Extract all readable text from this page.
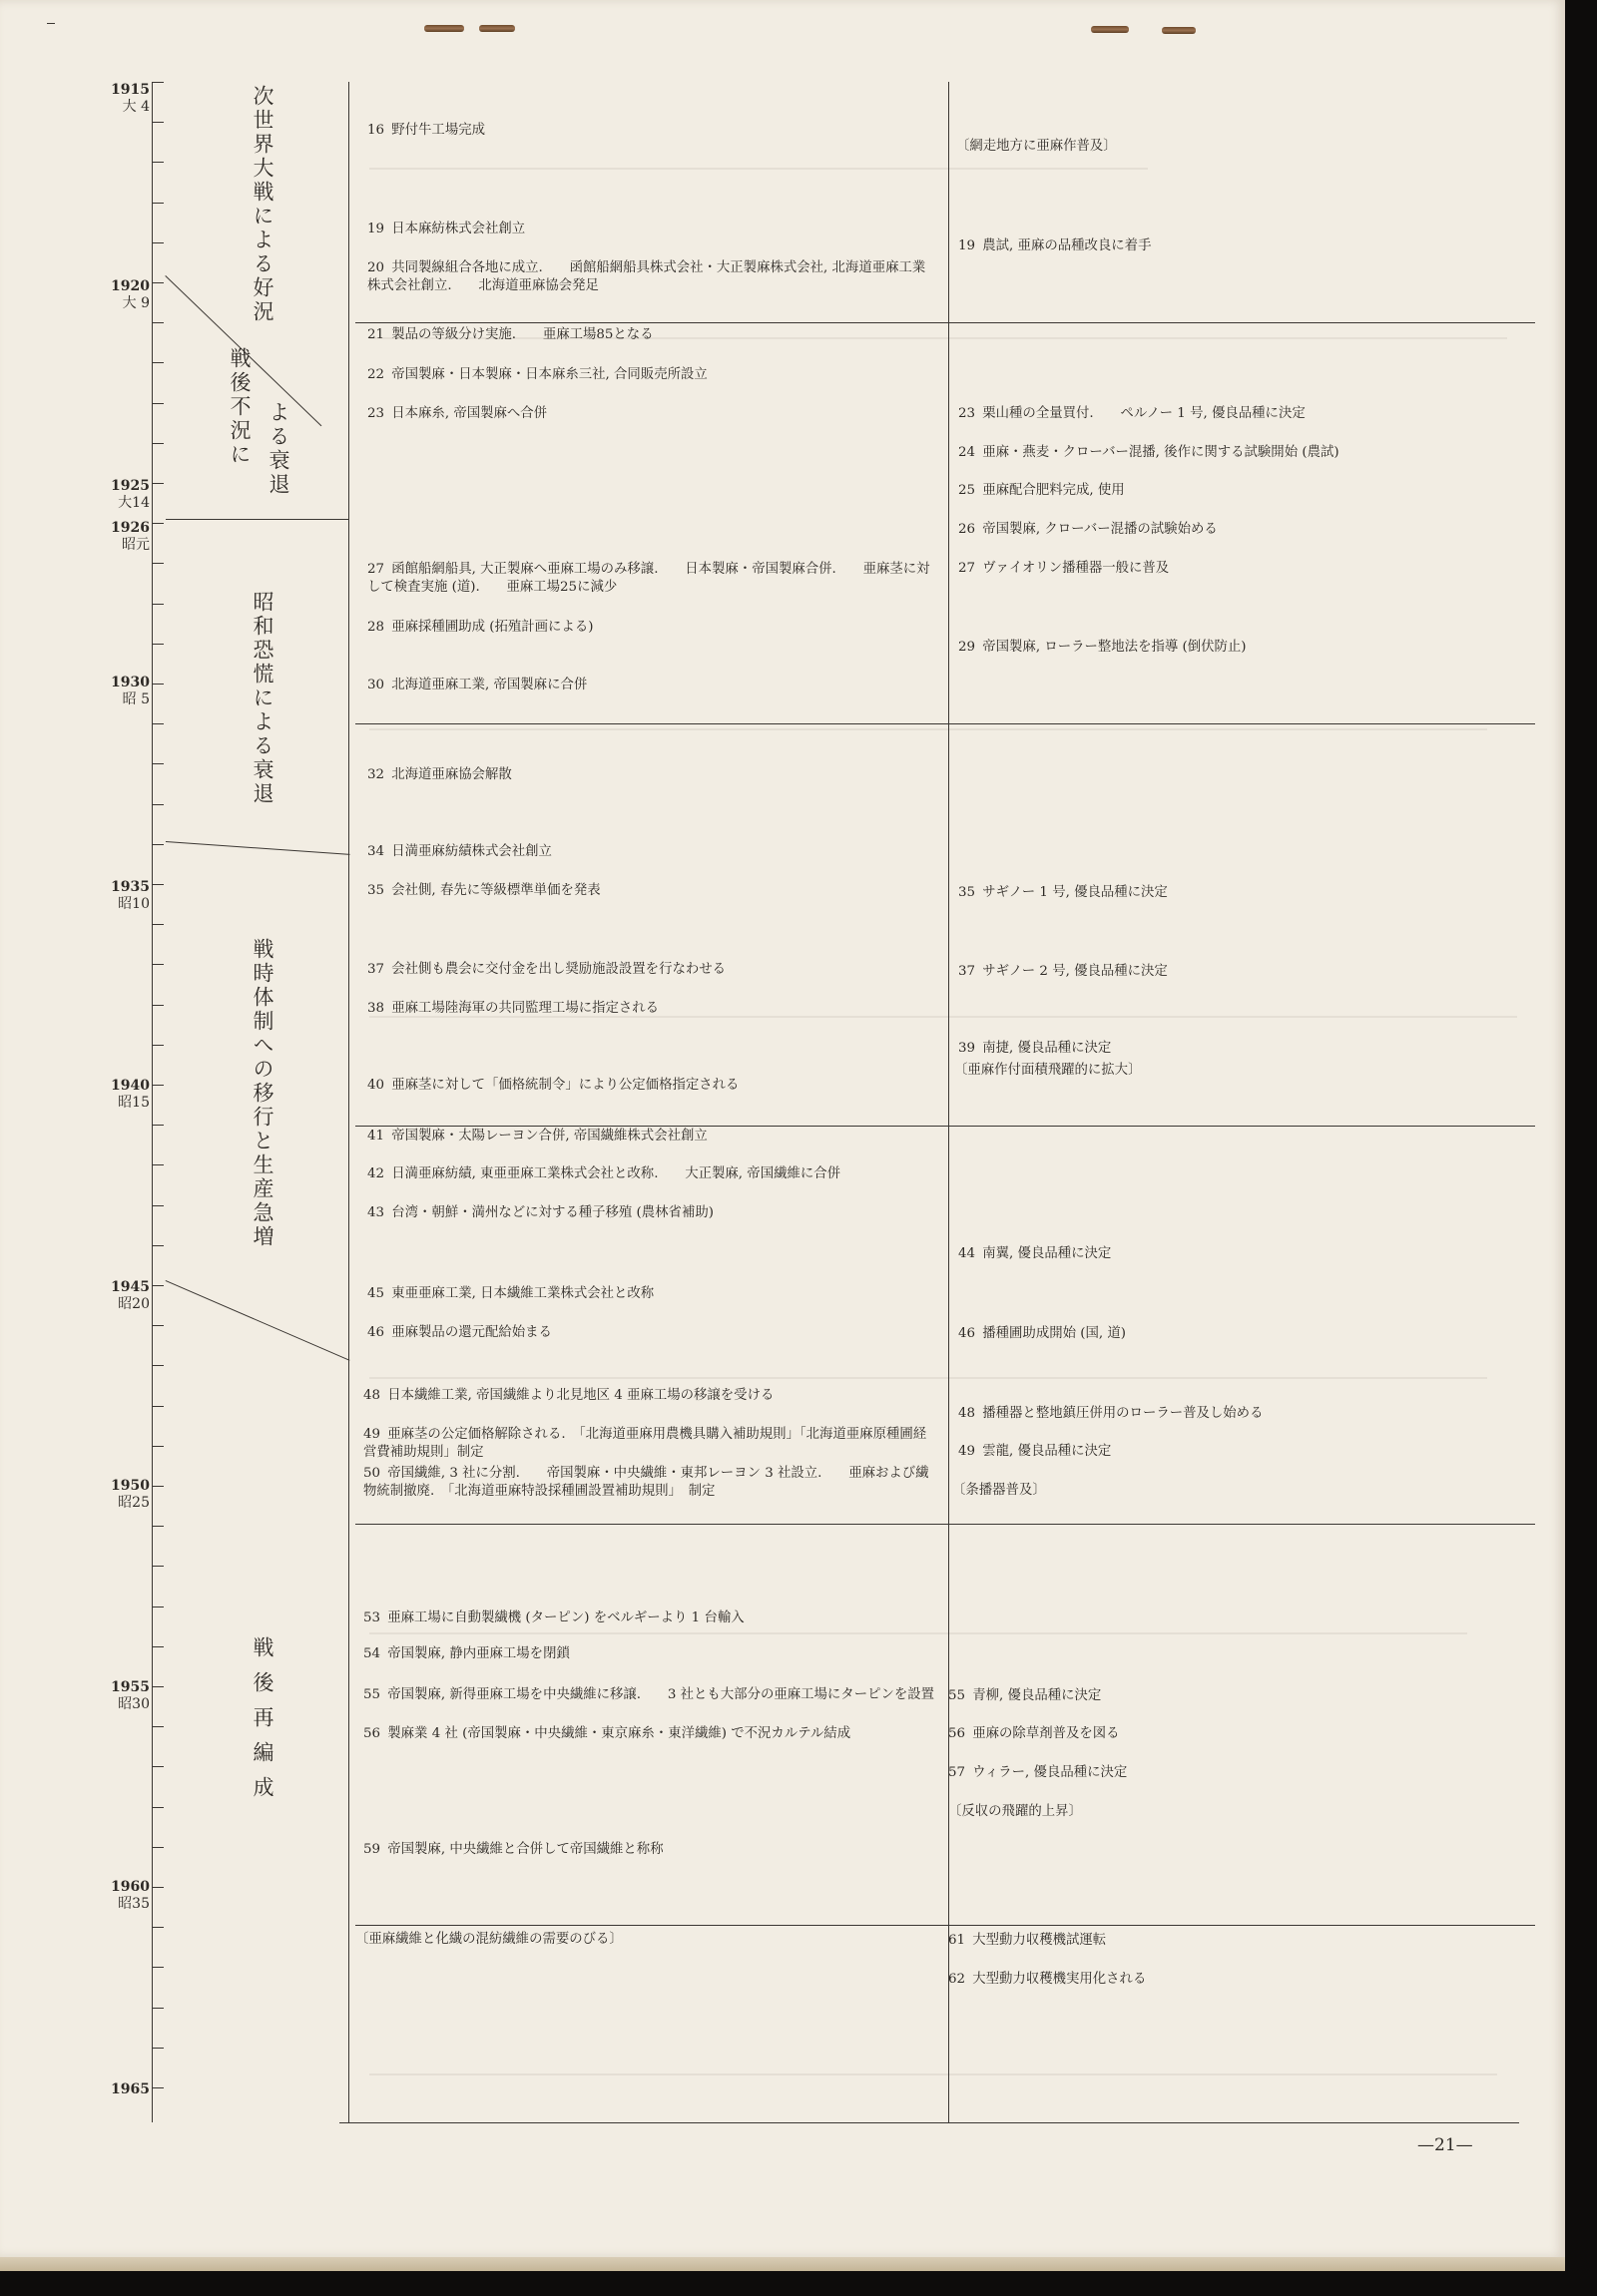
1915
大 4
1920
大 9
1925
大14
1926
昭元
1930
昭 5
1935
昭10
1940
昭15
1945
昭20
1950
昭25
1955
昭30
1960
昭35
1965
次世界大戦による好況
戦後不況に よる衰退
昭和恐慌による衰退
戦時体制への移行と生産急増
戦後再編成
16 野付牛工場完成
19 日本麻紡株式会社創立
20 共同製線組合各地に成立.　　函館船網船具株式会社・大正製麻株式会社, 北海道亜麻工業株式会社創立.　　北海道亜麻協会発足
21 製品の等級分け実施.　　亜麻工場85となる
22 帝国製麻・日本製麻・日本麻糸三社, 合同販売所設立
23 日本麻糸, 帝国製麻へ合併
27 函館船網船具, 大正製麻へ亜麻工場のみ移譲.　　日本製麻・帝国製麻合併.　　亜麻茎に対して検査実施 (道).　　亜麻工場25に減少
28 亜麻採種圃助成 (拓殖計画による)
30 北海道亜麻工業, 帝国製麻に合併
32 北海道亜麻協会解散
34 日満亜麻紡績株式会社創立
35 会社側, 春先に等級標準単価を発表
37 会社側も農会に交付金を出し奨励施設設置を行なわせる
38 亜麻工場陸海軍の共同監理工場に指定される
40 亜麻茎に対して「価格統制令」により公定価格指定される
41 帝国製麻・太陽レーヨン合併, 帝国繊維株式会社創立
42 日満亜麻紡績, 東亜亜麻工業株式会社と改称.　　大正製麻, 帝国繊維に合併
43 台湾・朝鮮・満州などに対する種子移殖 (農林省補助)
45 東亜亜麻工業, 日本繊維工業株式会社と改称
46 亜麻製品の還元配給始まる
48 日本繊維工業, 帝国繊維より北見地区 4 亜麻工場の移譲を受ける
49 亜麻茎の公定価格解除される.　「北海道亜麻用農機具購入補助規則」「北海道亜麻原種圃経営費補助規則」制定
50 帝国繊維, 3 社に分割.　　帝国製麻・中央繊維・東邦レーヨン 3 社設立.　　亜麻および繊物統制撤廃.　「北海道亜麻特設採種圃設置補助規則」　制定
53 亜麻工場に自動製繊機 (ターピン) をベルギーより 1 台輸入
54 帝国製麻, 静内亜麻工場を閉鎖
55 帝国製麻, 新得亜麻工場を中央繊維に移譲.　　3 社とも大部分の亜麻工場にターピンを設置
56 製麻業 4 社 (帝国製麻・中央繊維・東京麻糸・東洋繊維) で不況カルテル結成
59 帝国製麻, 中央繊維と合併して帝国繊維と称称
〔亜麻繊維と化繊の混紡繊維の需要のびる〕
〔網走地方に亜麻作普及〕
19 農試, 亜麻の品種改良に着手
23 栗山種の全量買付.　　ペルノー 1 号, 優良品種に決定
24 亜麻・燕麦・クローバー混播, 後作に関する試験開始 (農試)
25 亜麻配合肥料完成, 使用
26 帝国製麻, クローバー混播の試験始める
27 ヴァイオリン播種器一般に普及
29 帝国製麻, ローラー整地法を指導 (倒伏防止)
35 サギノー 1 号, 優良品種に決定
37 サギノー 2 号, 優良品種に決定
39 南捷, 優良品種に決定
〔亜麻作付面積飛躍的に拡大〕
44 南翼, 優良品種に決定
46 播種圃助成開始 (国, 道)
48 播種器と整地鎮圧併用のローラー普及し始める
49 雲龍, 優良品種に決定
〔条播器普及〕
55 青柳, 優良品種に決定
56 亜麻の除草剤普及を図る
57 ウィラー, 優良品種に決定
〔反収の飛躍的上昇〕
61 大型動力収穫機試運転
62 大型動力収穫機実用化される
—21—
